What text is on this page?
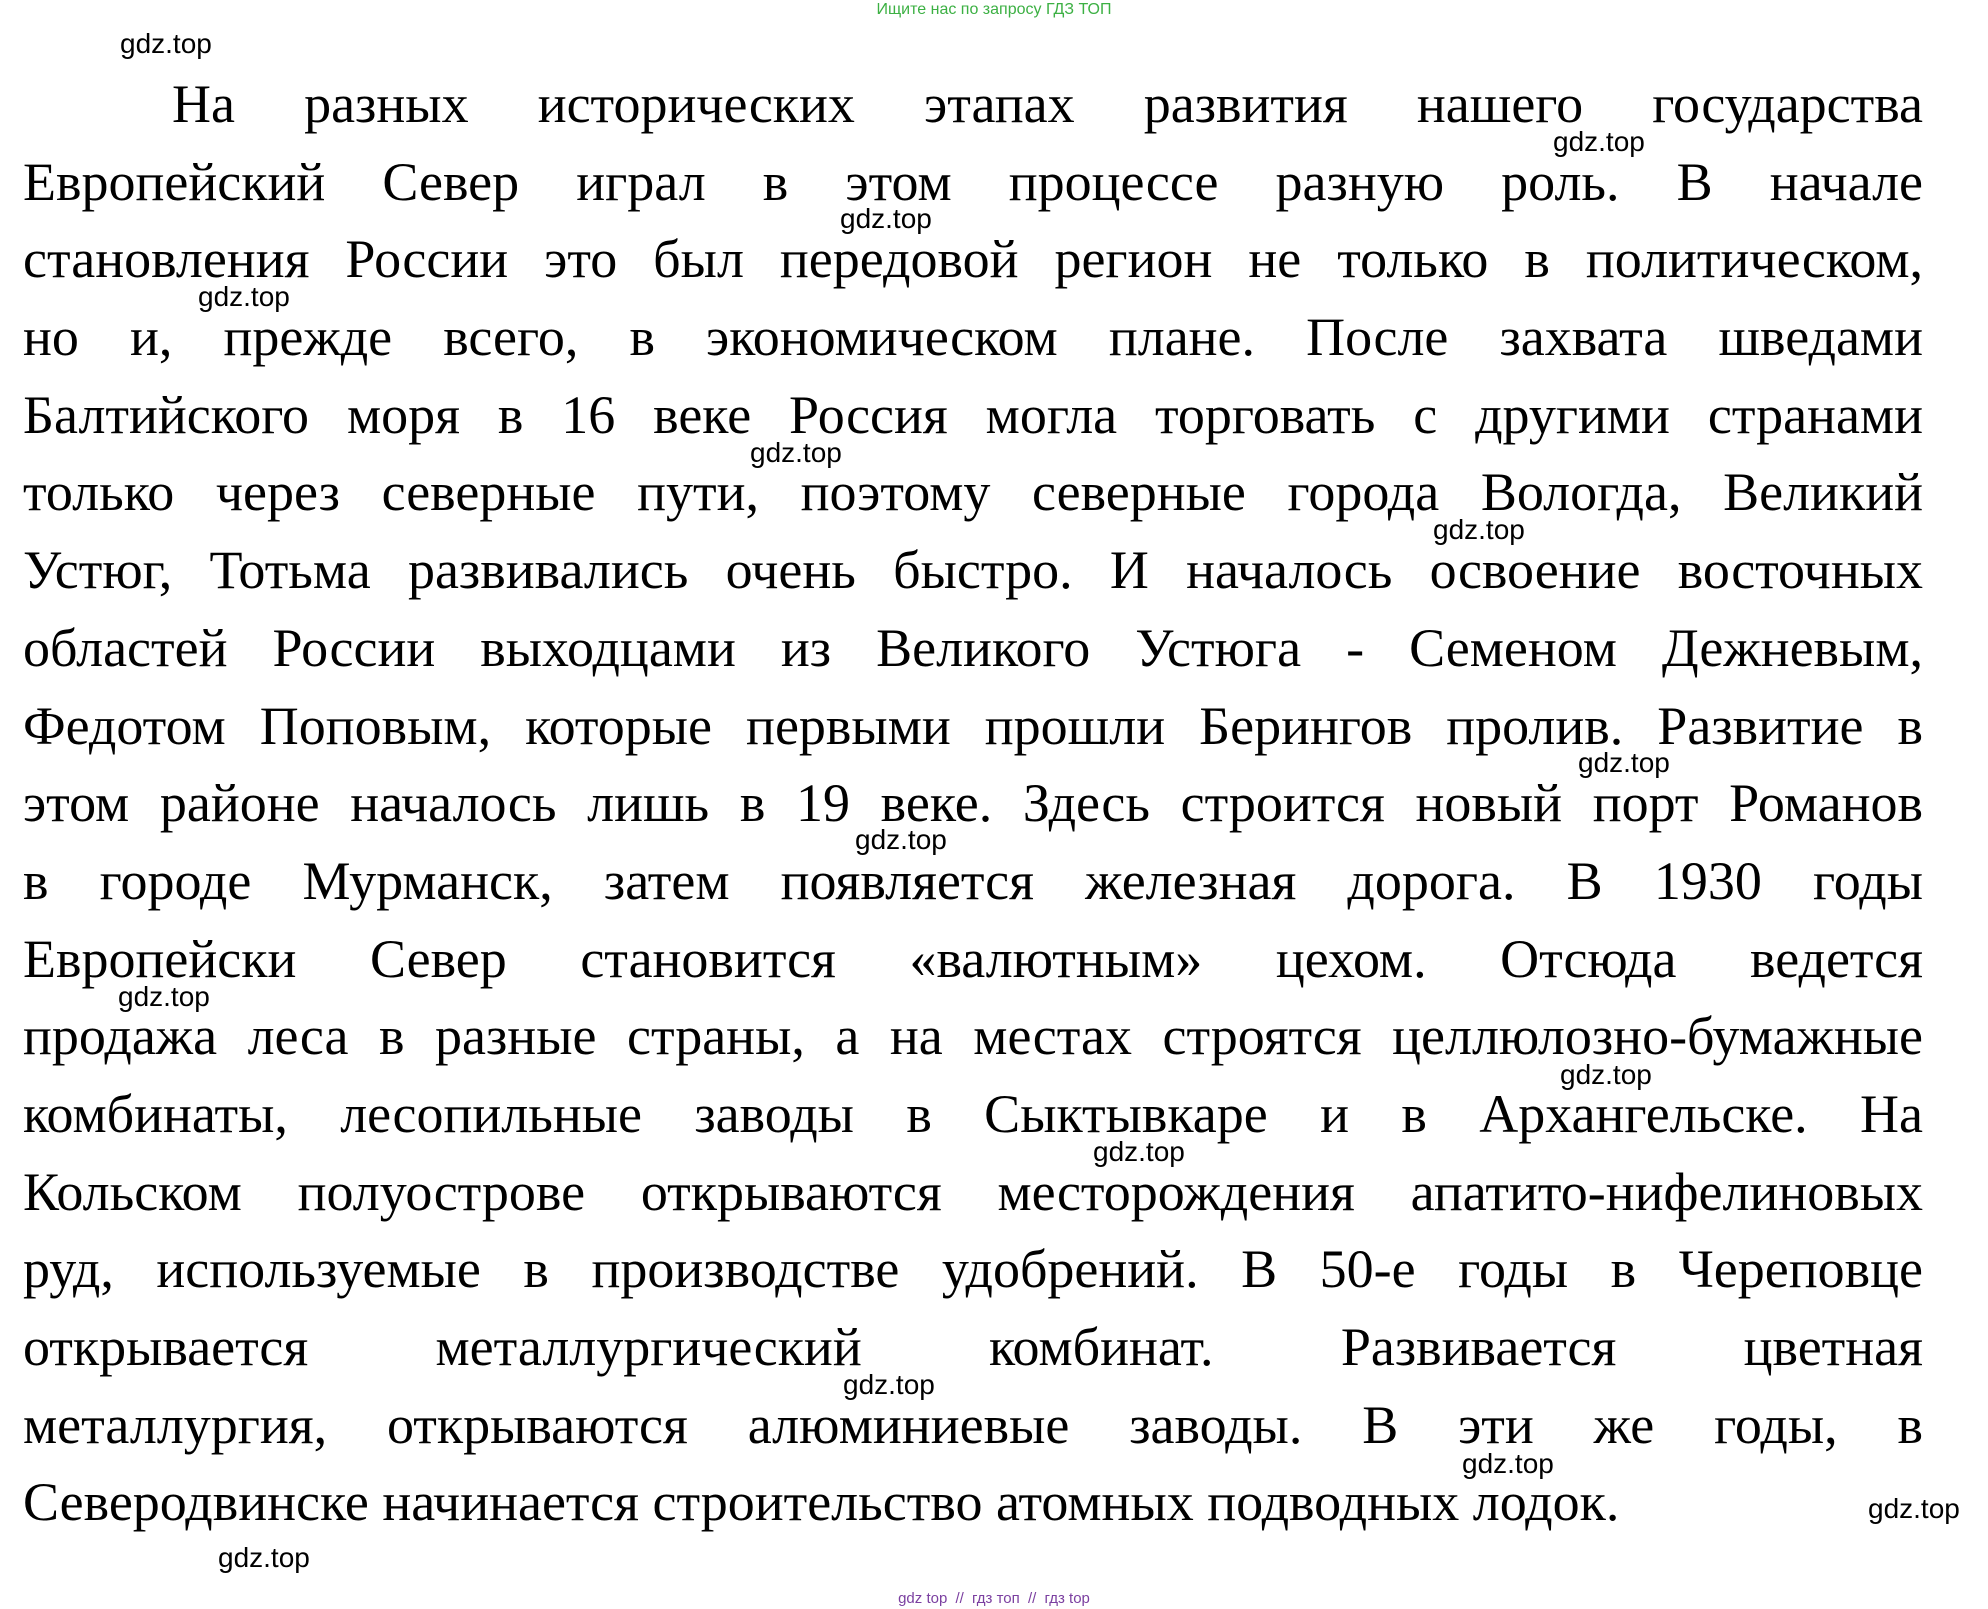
Ищите нас по запросу ГДЗ ТОП
На разных исторических этапах развития нашего государства
Европейский Север играл в этом процессе разную роль. В начале
становления России это был передовой регион не только в политическом,
но и, прежде всего, в экономическом плане. После захвата шведами
Балтийского моря в 16 веке Россия могла торговать с другими странами
только через северные пути, поэтому северные города Вологда, Великий
Устюг, Тотьма развивались очень быстро. И началось освоение восточных
областей России выходцами из Великого Устюга - Семеном Дежневым,
Федотом Поповым, которые первыми прошли Берингов пролив. Развитие в
этом районе началось лишь в 19 веке. Здесь строится новый порт Романов
в городе Мурманск, затем появляется железная дорога. В 1930 годы
Европейски Север становится «валютным» цехом. Отсюда ведется
продажа леса в разные страны, а на местах строятся целлюлозно-бумажные
комбинаты, лесопильные заводы в Сыктывкаре и в Архангельске. На
Кольском полуострове открываются месторождения апатито-нифелиновых
руд, используемые в производстве удобрений. В 50-е годы в Череповце
открывается металлургический комбинат. Развивается цветная
металлургия, открываются алюминиевые заводы. В эти же годы, в
Северодвинске начинается строительство атомных подводных лодок.
gdz.top
gdz.top
gdz.top
gdz.top
gdz.top
gdz.top
gdz.top
gdz.top
gdz.top
gdz.top
gdz.top
gdz.top
gdz.top
gdz.top
gdz.top
gdz top // гдз топ // гдз top
